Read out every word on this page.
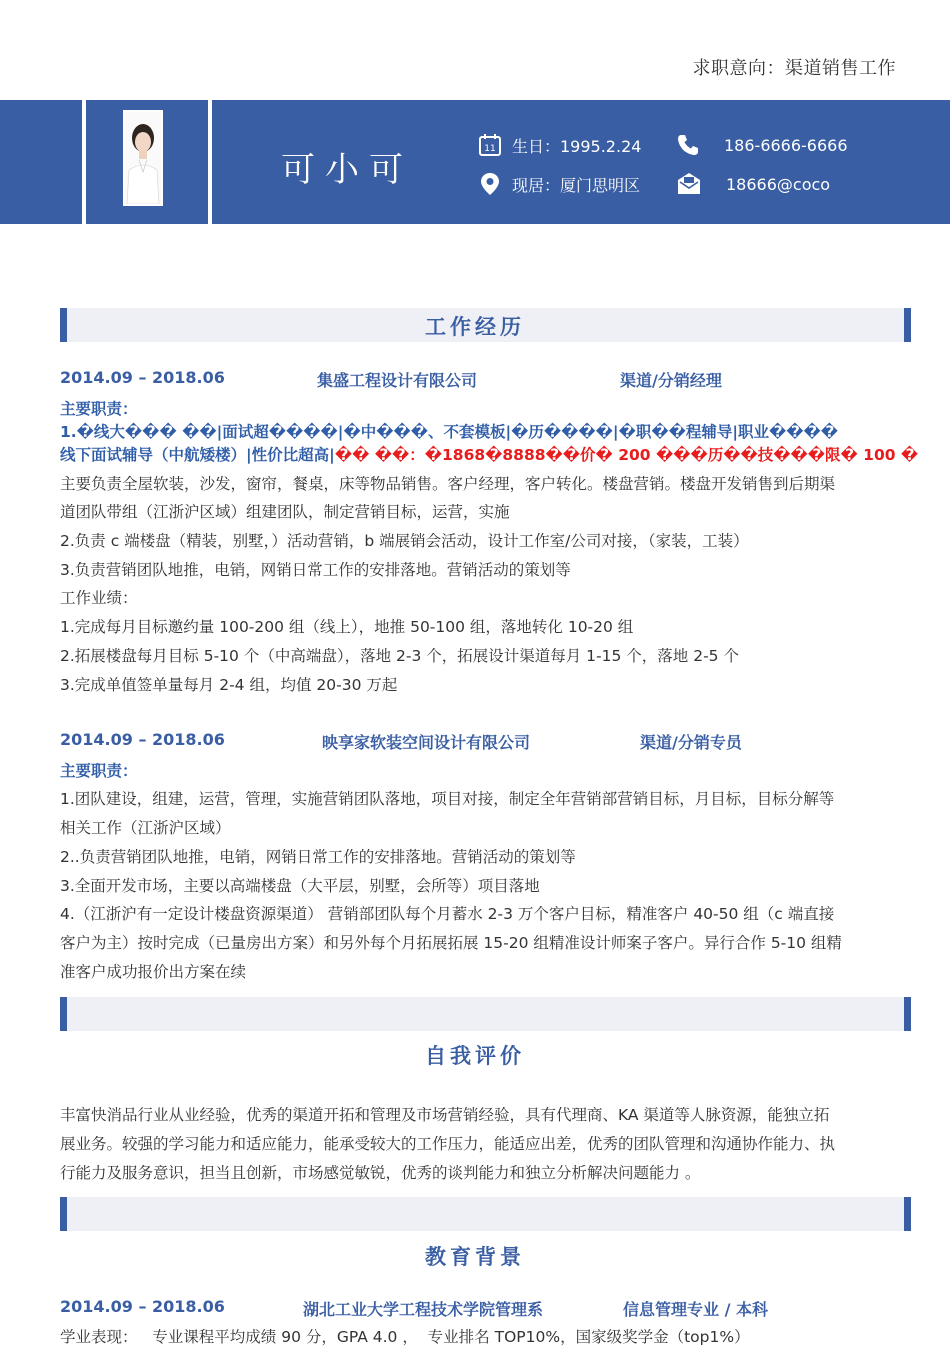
求职意向：渠道销售工作
可小可
11 生日：1995.2.24
现居：厦门思明区
186-6666-6666
18666@coco
工作经历
2014.09 – 2018.06	集盛工程设计有限公司	渠道/分销经理
主要职责：
1.�线大��� ��|面试超����|�中���、不套模板|�历����|�职��程辅导|职业����
线下面试辅导（中航矮楼）|性价比超高|�� ��：�1868�8888��价� 200 ���历��技���限� 100 �
主要负责全屋软装，沙发，窗帘，餐桌，床等物品销售。客户经理，客户转化。楼盘营销。楼盘开发销售到后期渠
道团队带组（江浙沪区域）组建团队，制定营销目标，运营，实施
2.负责 c 端楼盘（精装，别墅，）活动营销，b 端展销会活动，设计工作室/公司对接，（家装，工装）
3.负责营销团队地推，电销，网销日常工作的安排落地。营销活动的策划等
工作业绩：
1.完成每月目标邀约量 100-200 组（线上），地推 50-100 组，落地转化 10-20 组
2.拓展楼盘每月目标 5-10 个（中高端盘），落地 2-3 个，拓展设计渠道每月 1-15 个，落地 2-5 个
3.完成单值签单量每月 2-4 组，均值 20-30 万起
2014.09 – 2018.06	映享家软装空间设计有限公司	渠道/分销专员
主要职责：
1.团队建设，组建，运营，管理，实施营销团队落地，项目对接，制定全年营销部营销目标，月目标，目标分解等
相关工作（江浙沪区域）
2..负责营销团队地推，电销，网销日常工作的安排落地。营销活动的策划等
3.全面开发市场，主要以高端楼盘（大平层，别墅，会所等）项目落地
4.（江浙沪有一定设计楼盘资源渠道） 营销部团队每个月蓄水 2-3 万个客户目标，精准客户 40-50 组（c 端直接
客户为主）按时完成（已量房出方案）和另外每个月拓展拓展 15-20 组精准设计师案子客户。异行合作 5-10 组精
准客户成功报价出方案在续
自我评价
丰富快消品行业从业经验，优秀的渠道开拓和管理及市场营销经验，具有代理商、KA 渠道等人脉资源，能独立拓
展业务。较强的学习能力和适应能力，能承受较大的工作压力，能适应出差，优秀的团队管理和沟通协作能力、执
行能力及服务意识，担当且创新，市场感觉敏锐，优秀的谈判能力和独立分析解决问题能力 。
教育背景
2014.09 – 2018.06	湖北工业大学工程技术学院管理系	信息管理专业 / 本科
学业表现：   专业课程平均成绩 90 分，GPA 4.0 ，  专业排名 TOP10%，国家级奖学金（top1%）
